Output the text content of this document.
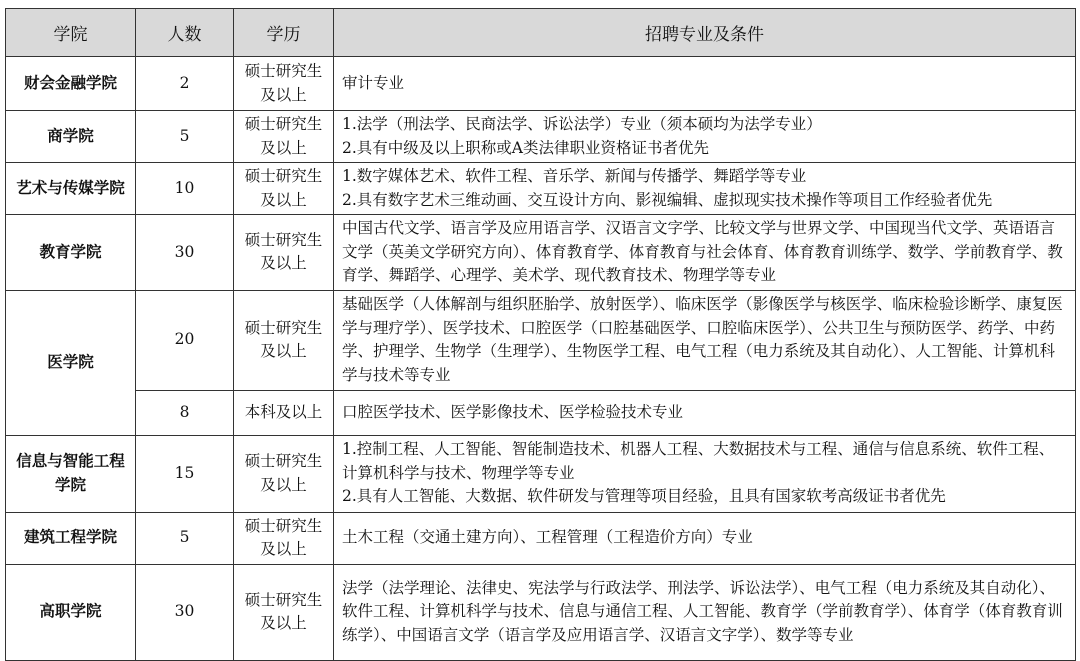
学院	人数	学历	招聘专业及条件
财会金融学院	2	硕士研究生及以上	审计专业

商学院	5	硕士研究生及以上	1.法学（刑法学、民商法学、诉讼法学）专业（须本硕均为法学专业）
2.具有中级及以上职称或A类法律职业资格证书者优先

艺术与传媒学院	10	硕士研究生及以上	1.数字媒体艺术、软件工程、音乐学、新闻与传播学、舞蹈学等专业
2.具有数字艺术三维动画、交互设计方向、影视编辑、虚拟现实技术操作等项目工作经验者优先

教育学院	30	硕士研究生及以上	中国古代文学、语言学及应用语言学、汉语言文字学、比较文学与世界文学、中国现当代文学、英语语言文学（英美文学研究方向）、体育教育学、体育教育与社会体育、体育教育训练学、数学、学前教育学、教育学、舞蹈学、心理学、美术学、现代教育技术、物理学等专业
医学院	20	硕士研究生及以上	基础医学（人体解剖与组织胚胎学、放射医学）、临床医学（影像医学与核医学、临床检验诊断学、康复医学与理疗学）、医学技术、口腔医学（口腔基础医学、口腔临床医学）、公共卫生与预防医学、药学、中药学、护理学、生物学（生理学）、生物医学工程、电气工程（电力系统及其自动化）、人工智能、计算机科学与技术等专业
	8	本科及以上	口腔医学技术、医学影像技术、医学检验技术专业
信息与智能工程学院	15	硕士研究生及以上	1.控制工程、人工智能、智能制造技术、机器人工程、大数据技术与工程、通信与信息系统、软件工程、计算机科学与技术、物理学等专业
2.具有人工智能、大数据、软件研发与管理等项目经验，且具有国家软考高级证书者优先

建筑工程学院	5	硕士研究生及以上	土木工程（交通土建方向）、工程管理（工程造价方向）专业
高职学院	30	硕士研究生及以上	法学（法学理论、法律史、宪法学与行政法学、刑法学、诉讼法学）、电气工程（电力系统及其自动化）、软件工程、计算机科学与技术、信息与通信工程、人工智能、教育学（学前教育学）、体育学（体育教育训练学）、中国语言文学（语言学及应用语言学、汉语言文字学）、数学等专业
